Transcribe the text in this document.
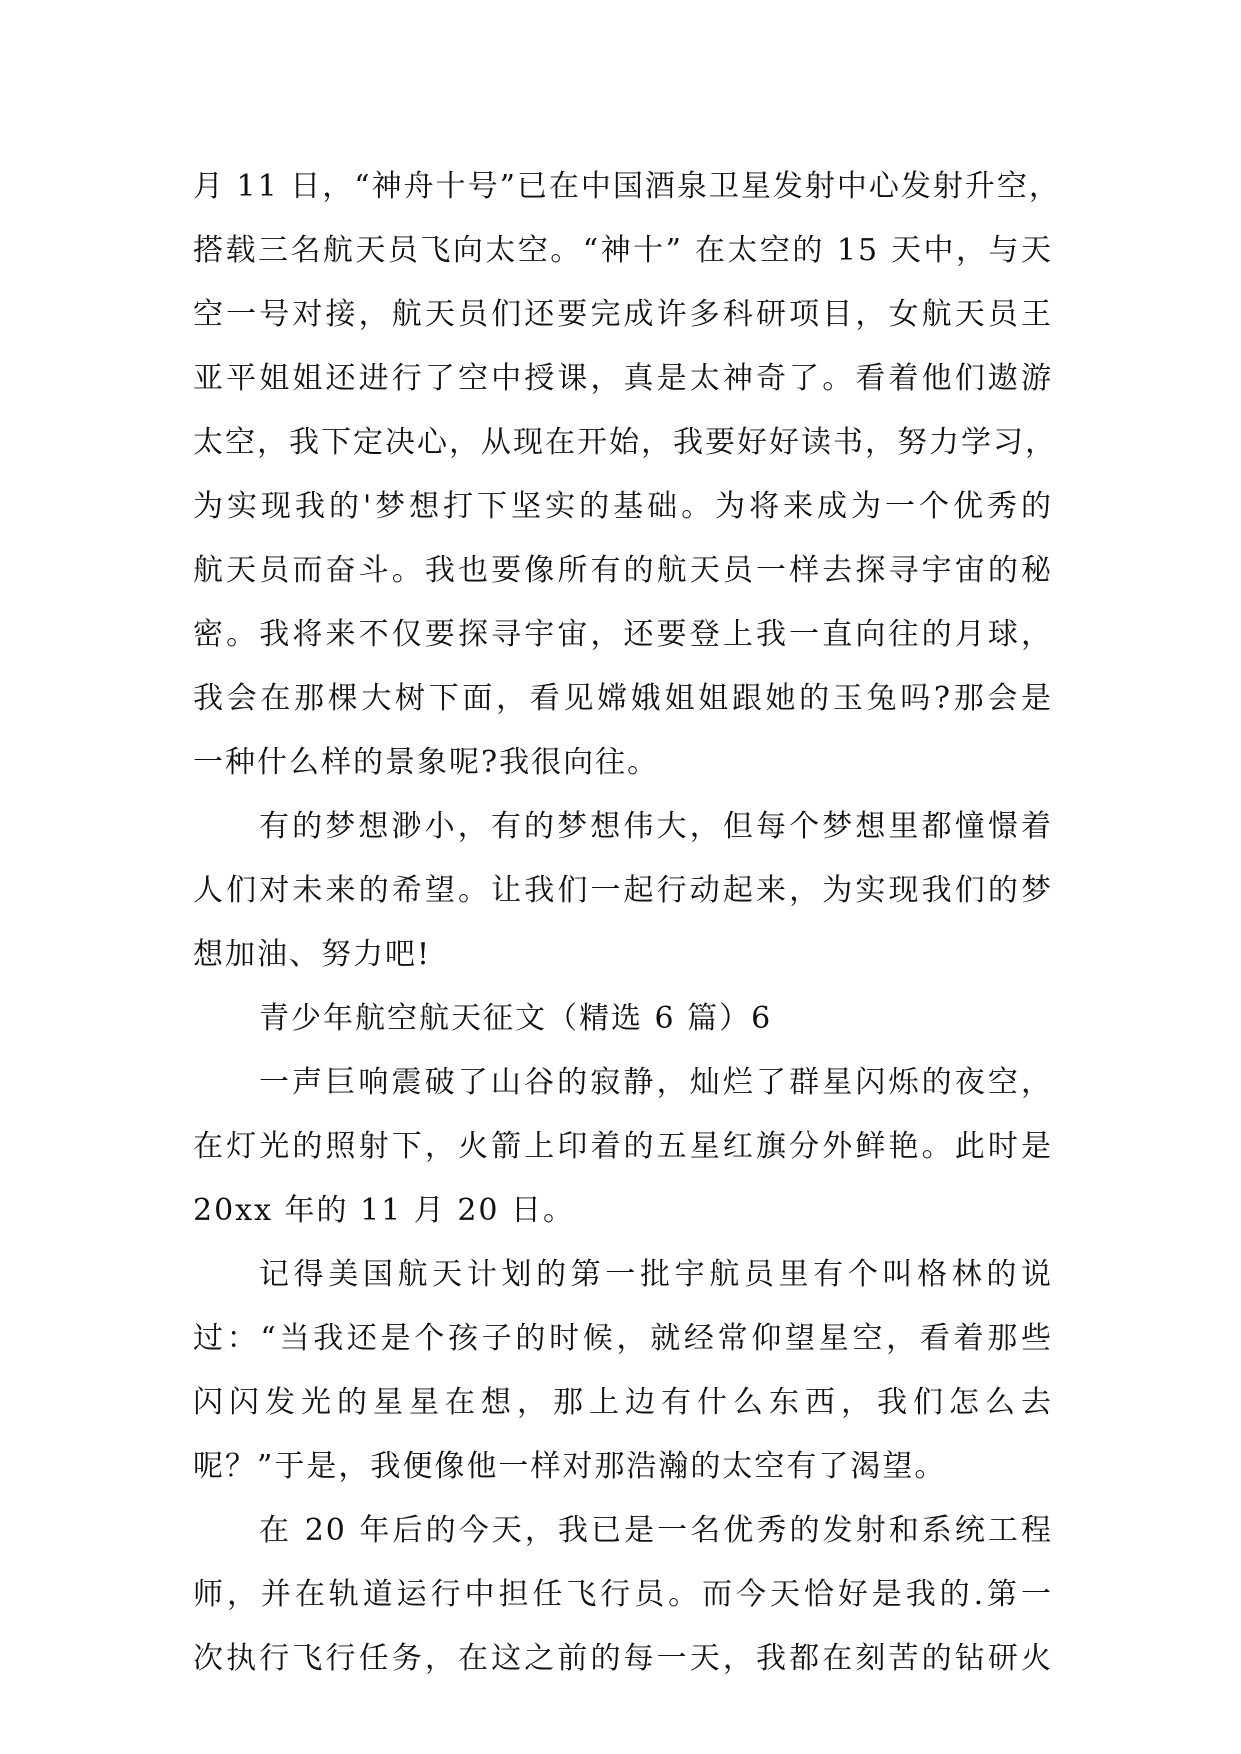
月 11 日，“神舟十号”已在中国酒泉卫星发射中心发射升空，
搭载三名航天员飞向太空。“神十” 在太空的 15 天中，与天
空一号对接，航天员们还要完成许多科研项目，女航天员王
亚平姐姐还进行了空中授课，真是太神奇了。看着他们遨游
太空，我下定决心，从现在开始，我要好好读书，努力学习，
为实现我的'梦想打下坚实的基础。为将来成为一个优秀的
航天员而奋斗。我也要像所有的航天员一样去探寻宇宙的秘
密。我将来不仅要探寻宇宙，还要登上我一直向往的月球，
我会在那棵大树下面，看见嫦娥姐姐跟她的玉兔吗?那会是
一种什么样的景象呢?我很向往。

有的梦想渺小，有的梦想伟大，但每个梦想里都憧憬着
人们对未来的希望。让我们一起行动起来，为实现我们的梦
想加油、努力吧!

青少年航空航天征文（精选 6 篇）6

一声巨响震破了山谷的寂静，灿烂了群星闪烁的夜空，
在灯光的照射下，火箭上印着的五星红旗分外鲜艳。此时是
20xx 年的 11 月 20 日。

记得美国航天计划的第一批宇航员里有个叫格林的说
过：“当我还是个孩子的时候，就经常仰望星空，看着那些
闪闪发光的星星在想，那上边有什么东西，我们怎么去
呢？”于是，我便像他一样对那浩瀚的太空有了渴望。

在 20 年后的今天，我已是一名优秀的发射和系统工程
师，并在轨道运行中担任飞行员。而今天恰好是我的.第一
次执行飞行任务，在这之前的每一天，我都在刻苦的钻研火
